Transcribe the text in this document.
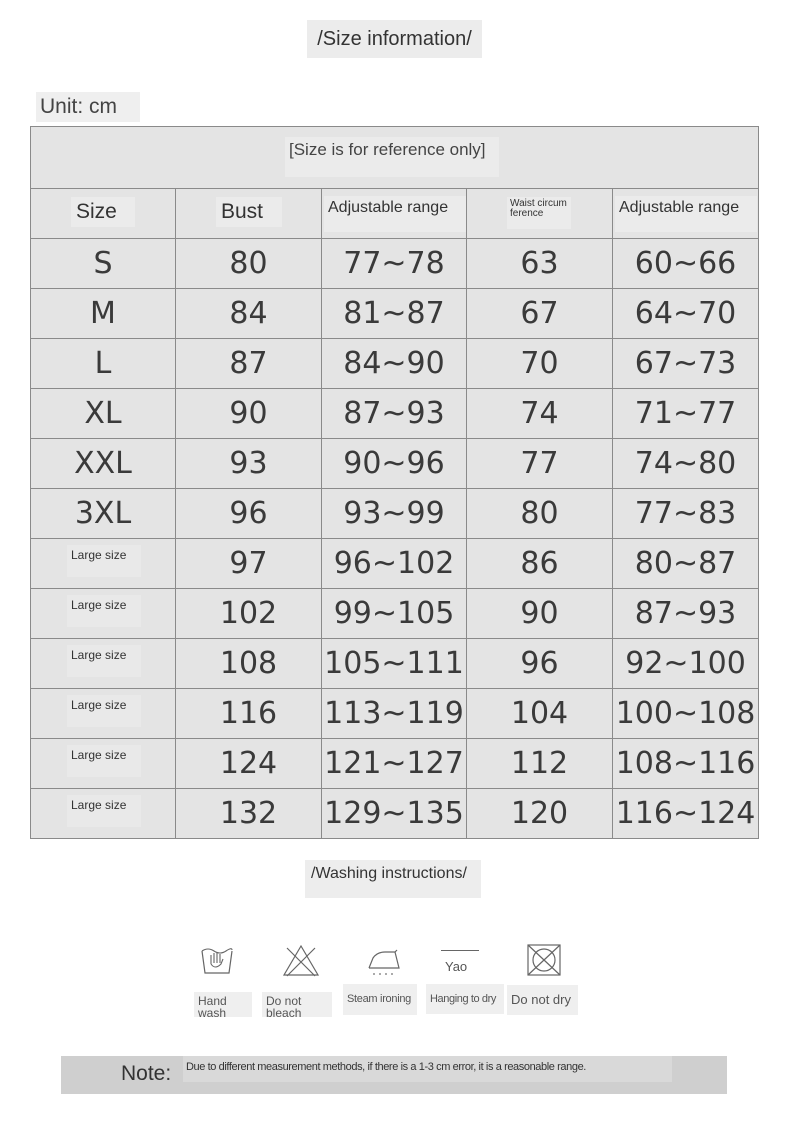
/Size information/
Unit: cm
[Size is for reference only]				

Size	Bust	Adjustable range	Waist circumference	Adjustable range

S	80	77~78	63	60~66
M	84	81~87	67	64~70
L	87	84~90	70	67~73
XL	90	87~93	74	71~77
XXL	93	90~96	77	74~80
3XL	96	93~99	80	77~83

Large size	97	96~102	86	80~87

Large size	102	99~105	90	87~93

Large size	108	105~111	96	92~100

Large size	116	113~119	104	100~108

Large size	124	121~127	112	108~116

Large size	132	129~135	120	116~124
/Washing instructions/
Hand wash
Do not bleach
Steam ironing
Yao
Hanging to dry	Do not dry
Note: Due to different measurement methods, if there is a 1-3 cm error, it is a reasonable range.
